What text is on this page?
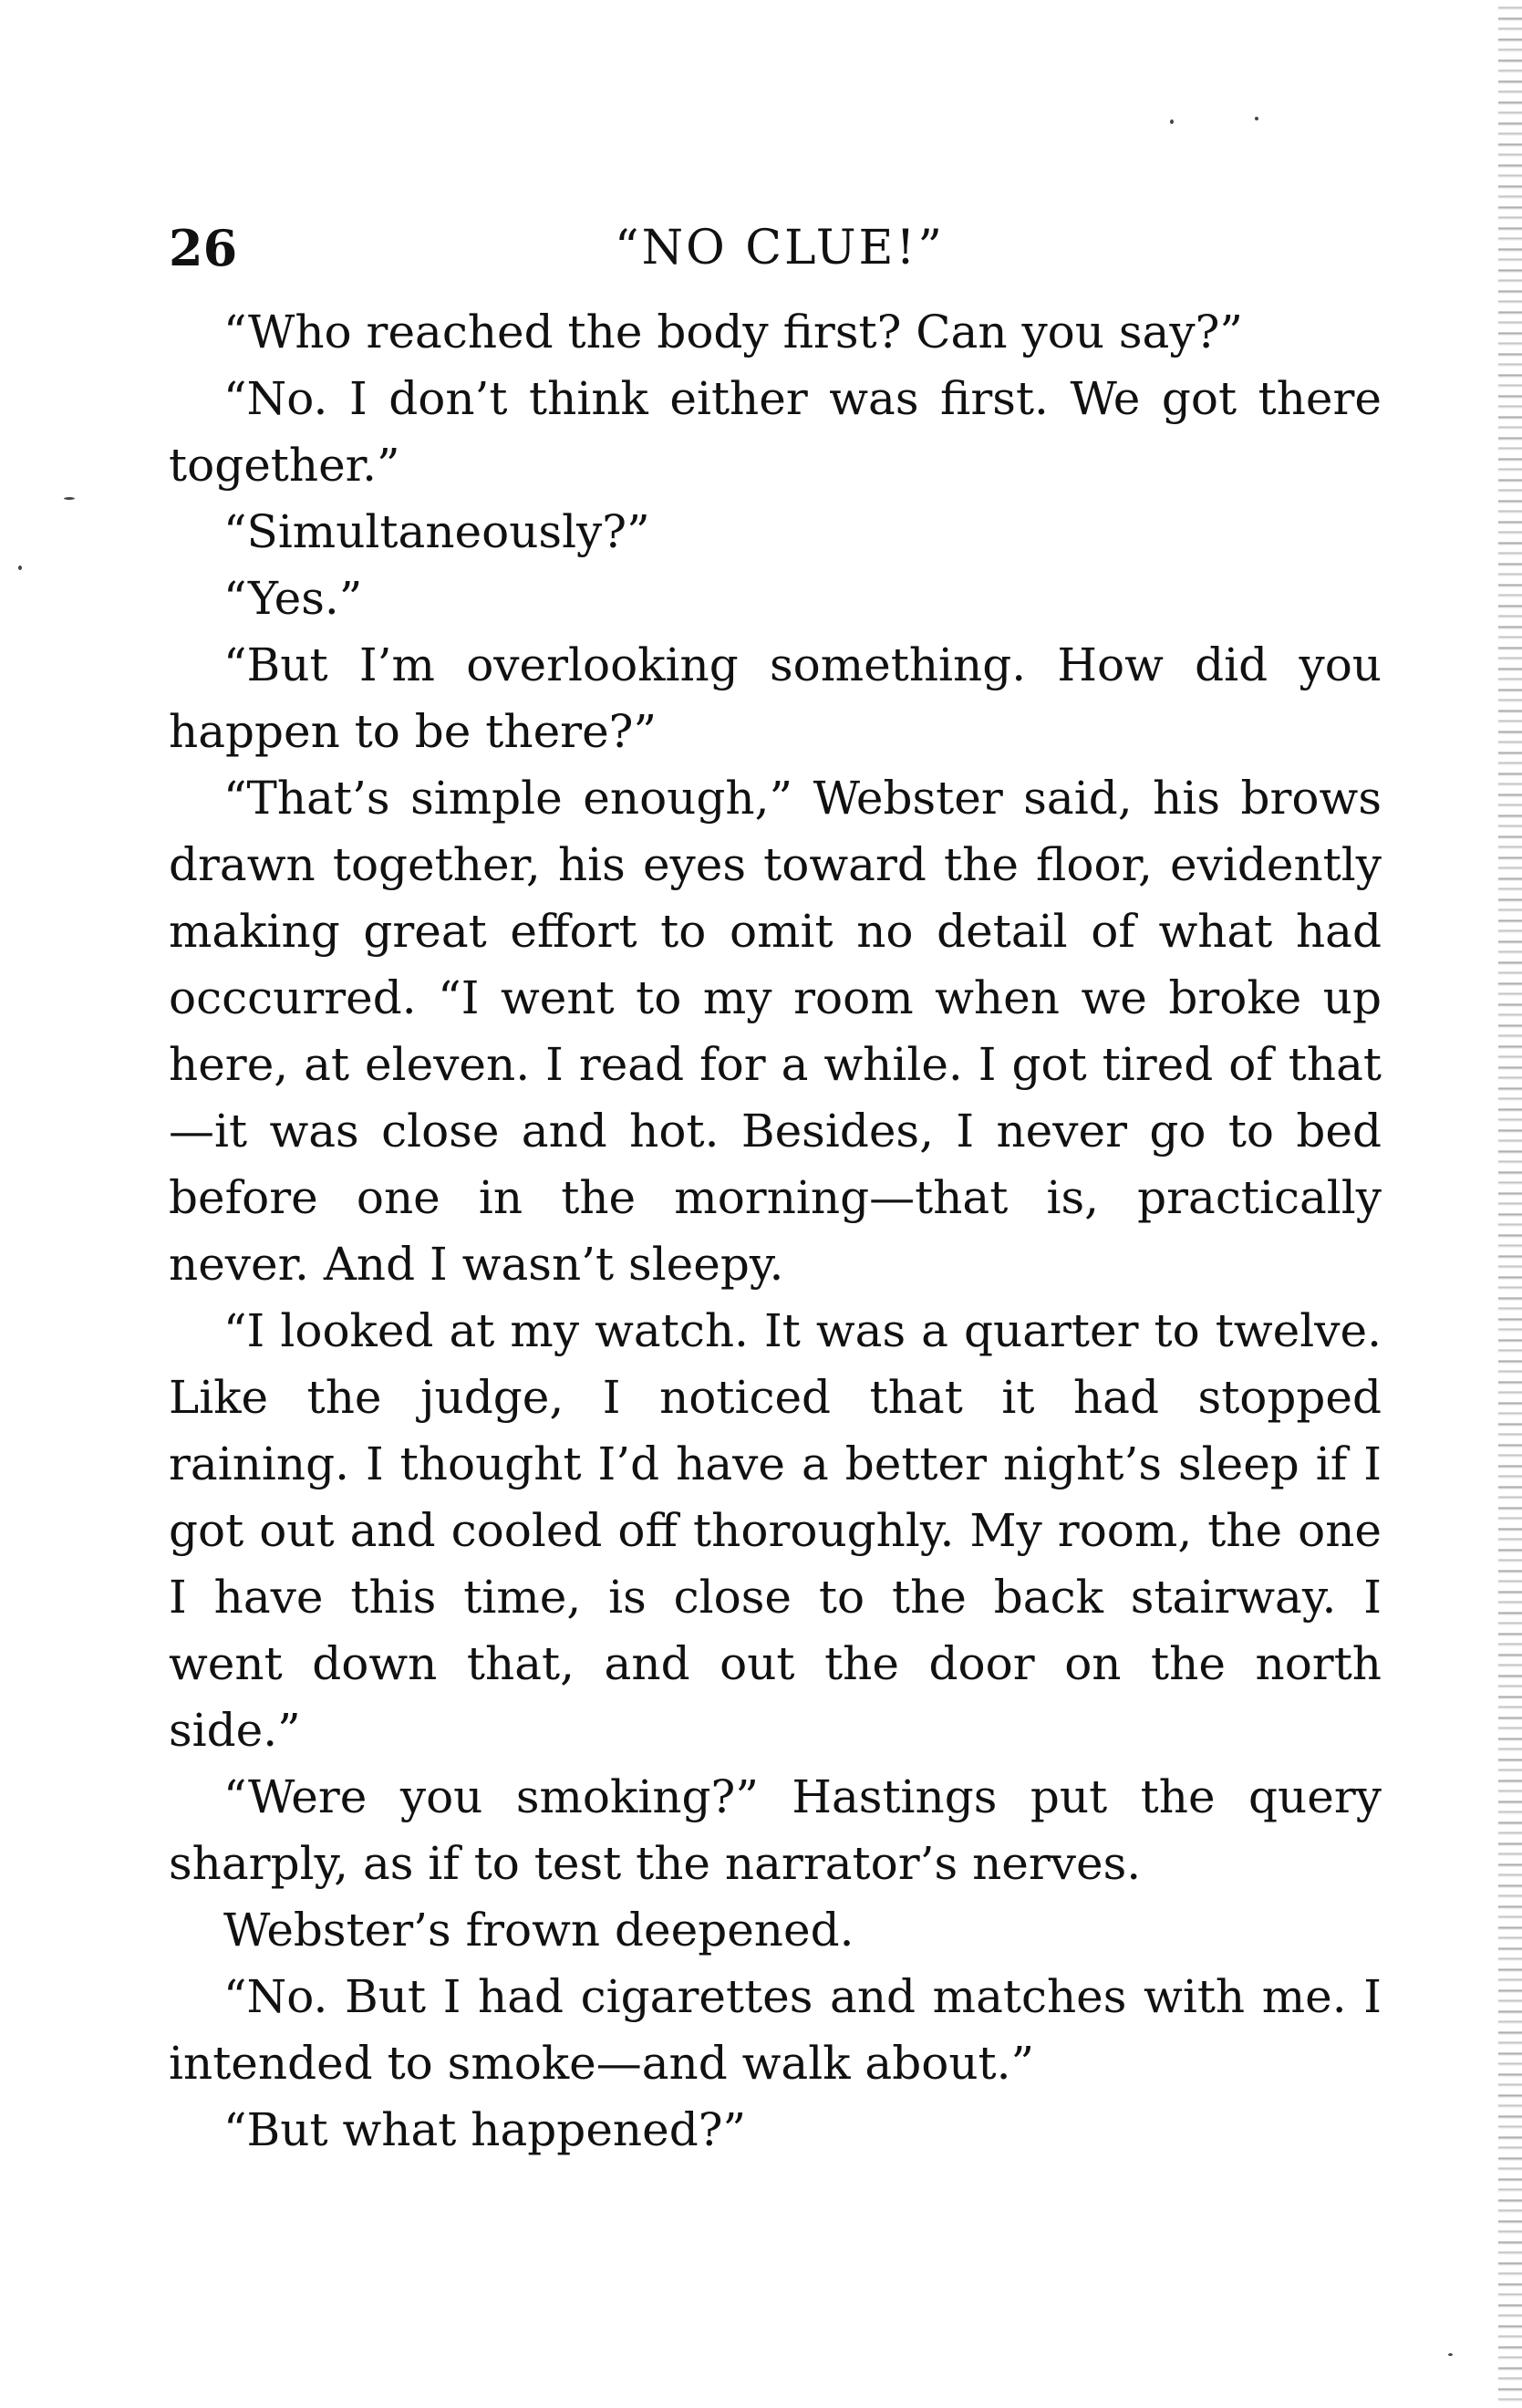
26	“NO CLUE!”

“Who reached the body first? Can you say?”

“No. I don’t think either was first. We got there together.”

“Simultaneously?”

“Yes.”

“But I’m overlooking something. How did you happen to be there?”

“That’s simple enough,” Webster said, his brows drawn together, his eyes toward the floor, evidently making great effort to omit no detail of what had occcurred. “I went to my room when we broke up here, at eleven. I read for a while. I got tired of that—it was close and hot. Besides, I never go to bed before one in the morning—that is, practically never. And I wasn’t sleepy.

“I looked at my watch. It was a quarter to twelve. Like the judge, I noticed that it had stopped raining. I thought I’d have a better night’s sleep if I got out and cooled off thoroughly. My room, the one I have this time, is close to the back stairway. I went down that, and out the door on the north side.”

“Were you smoking?” Hastings put the query sharply, as if to test the narrator’s nerves.

Webster’s frown deepened.

“No. But I had cigarettes and matches with me. I intended to smoke—and walk about.”

“But what happened?”
